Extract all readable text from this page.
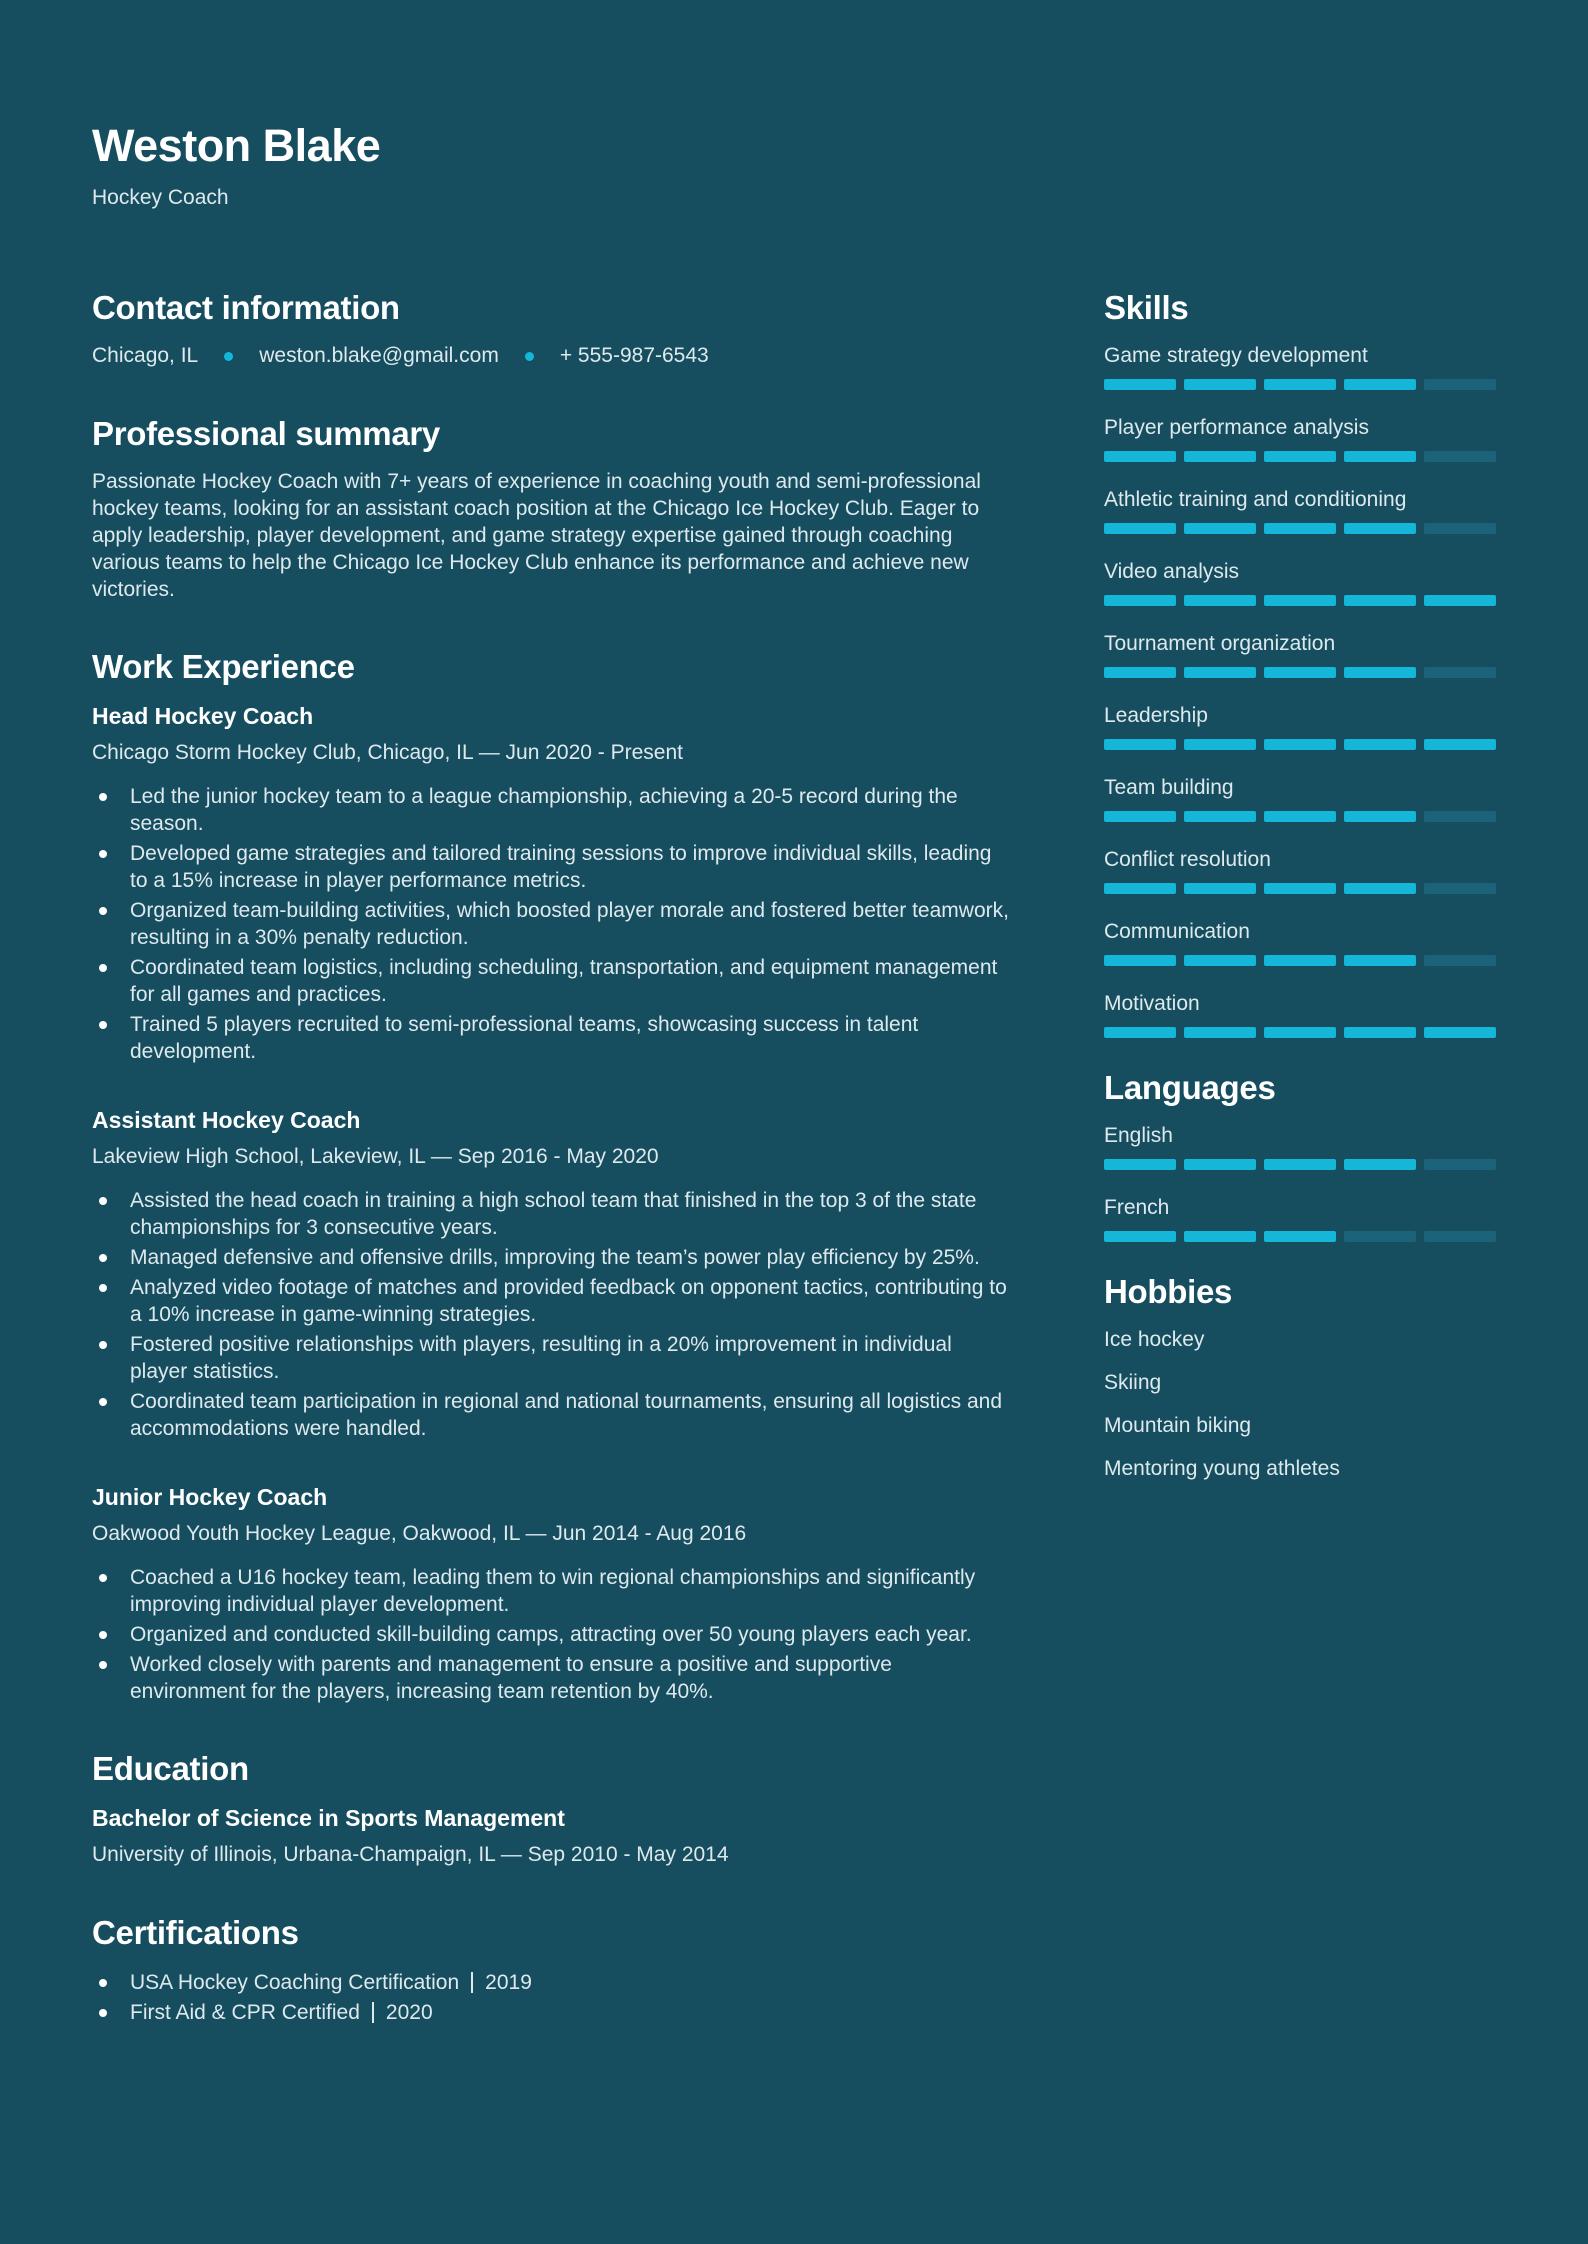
Weston Blake
Hockey Coach
Contact information
Chicago, IL	weston.blake@gmail.com	+ 555-987-6543
Professional summary

Passionate Hockey Coach with 7+ years of experience in coaching youth and semi-professional hockey teams, looking for an assistant coach position at the Chicago Ice Hockey Club. Eager to apply leadership, player development, and game strategy expertise gained through coaching various teams to help the Chicago Ice Hockey Club enhance its performance and achieve new victories.

Work Experience
Head Hockey Coach
Chicago Storm Hockey Club, Chicago, IL — Jun 2020 - Present
Led the junior hockey team to a league championship, achieving a 20-5 record during the season.
Developed game strategies and tailored training sessions to improve individual skills, leading to a 15% increase in player performance metrics.
Organized team-building activities, which boosted player morale and fostered better teamwork, resulting in a 30% penalty reduction.
Coordinated team logistics, including scheduling, transportation, and equipment management for all games and practices.
Trained 5 players recruited to semi-professional teams, showcasing success in talent development.
Assistant Hockey Coach
Lakeview High School, Lakeview, IL — Sep 2016 - May 2020
Assisted the head coach in training a high school team that finished in the top 3 of the state championships for 3 consecutive years.
Managed defensive and offensive drills, improving the team’s power play efficiency by 25%.
Analyzed video footage of matches and provided feedback on opponent tactics, contributing to a 10% increase in game-winning strategies.
Fostered positive relationships with players, resulting in a 20% improvement in individual player statistics.
Coordinated team participation in regional and national tournaments, ensuring all logistics and accommodations were handled.
Junior Hockey Coach
Oakwood Youth Hockey League, Oakwood, IL — Jun 2014 - Aug 2016
Coached a U16 hockey team, leading them to win regional championships and significantly improving individual player development.
Organized and conducted skill-building camps, attracting over 50 young players each year.
Worked closely with parents and management to ensure a positive and supportive environment for the players, increasing team retention by 40%.
Education
Bachelor of Science in Sports Management
University of Illinois, Urbana-Champaign, IL — Sep 2010 - May 2014
Certifications
USA Hockey Coaching Certification 2019
First Aid & CPR Certified 2020
Skills
Game strategy development
Player performance analysis
Athletic training and conditioning
Video analysis
Tournament organization
Leadership
Team building
Conflict resolution
Communication
Motivation
Languages
English
French
Hobbies
Ice hockey
Skiing
Mountain biking
Mentoring young athletes
